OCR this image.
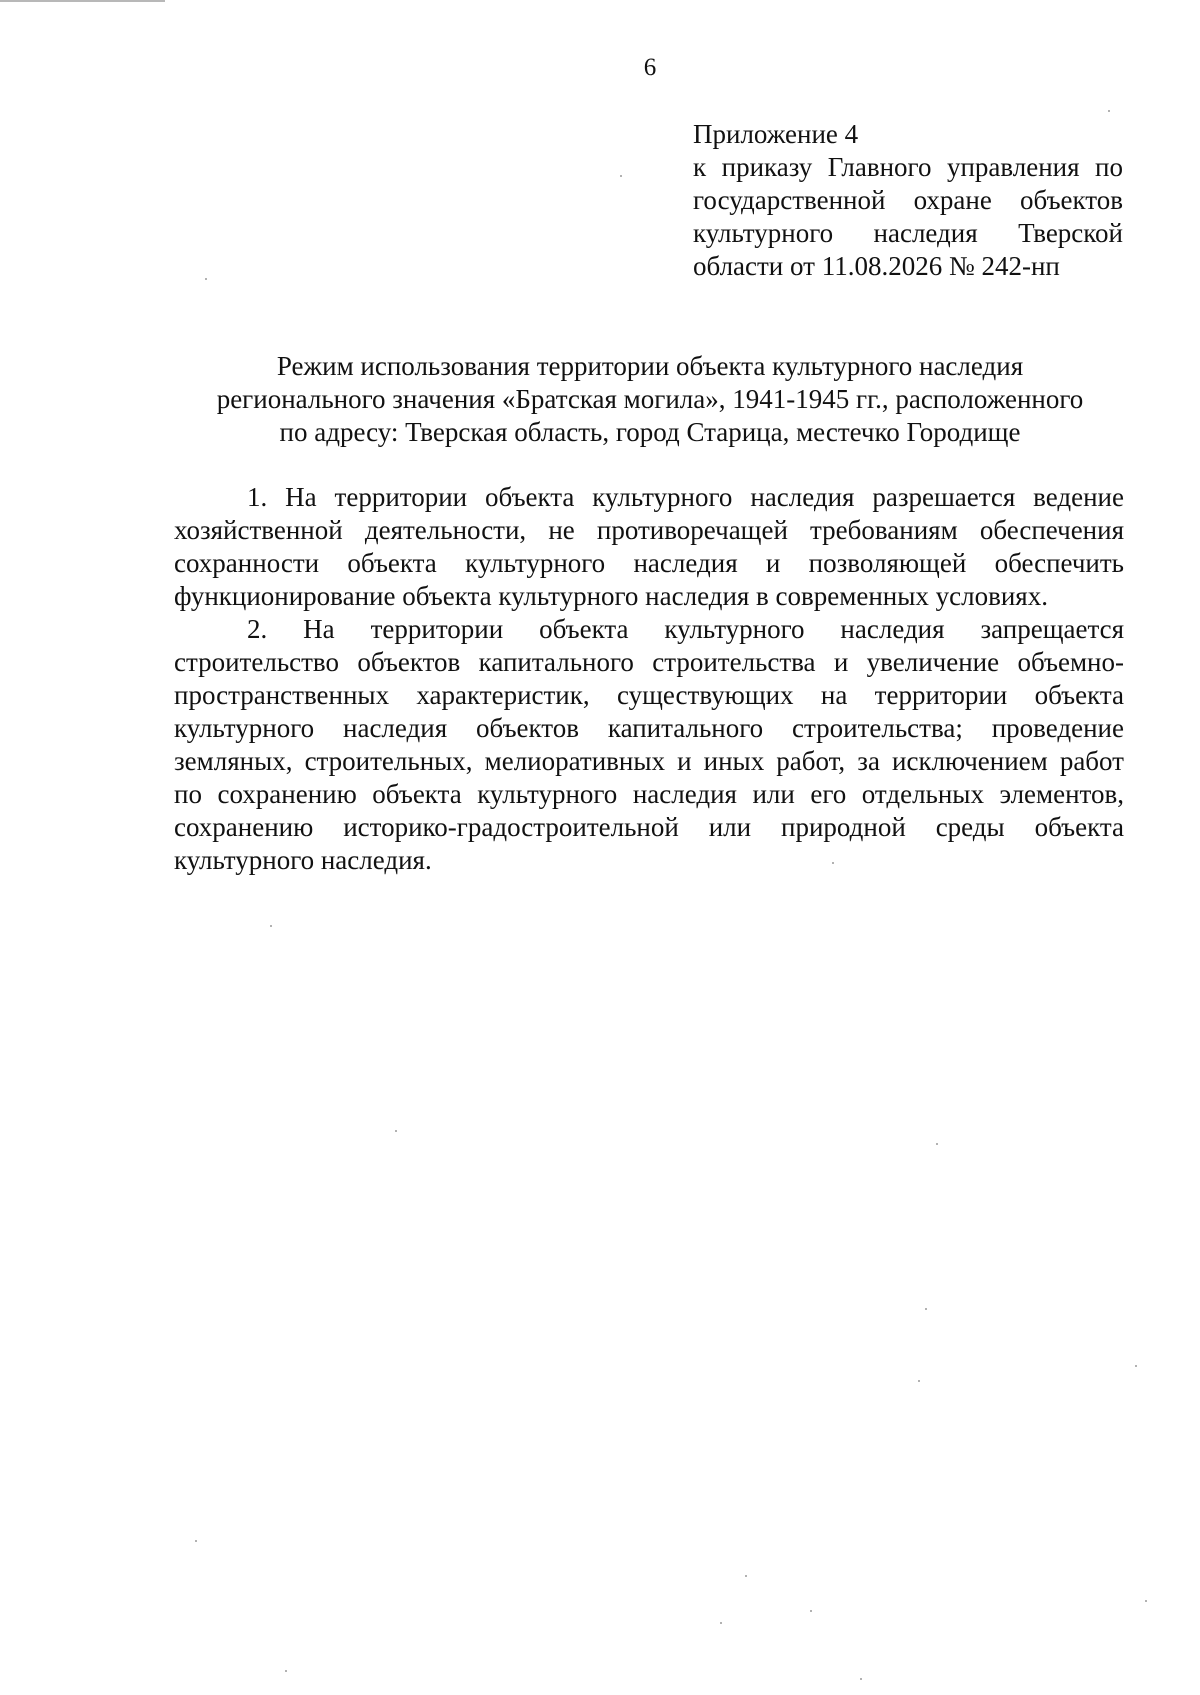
6
Приложение 4
к приказу Главного управления по
государственной охране объектов
культурного наследия Тверской
области от 11.08.2026 № 242-нп
Режим использования территории объекта культурного наследия
регионального значения «Братская могила», 1941-1945 гг., расположенного
по адресу: Тверская область, город Старица, местечко Городище
1. На территории объекта культурного наследия разрешается ведение
хозяйственной деятельности, не противоречащей требованиям обеспечения
сохранности объекта культурного наследия и позволяющей обеспечить
функционирование объекта культурного наследия в современных условиях.
2. На территории объекта культурного наследия запрещается
строительство объектов капитального строительства и увеличение объемно-
пространственных характеристик, существующих на территории объекта
культурного наследия объектов капитального строительства; проведение
земляных, строительных, мелиоративных и иных работ, за исключением работ
по сохранению объекта культурного наследия или его отдельных элементов,
сохранению историко-градостроительной или природной среды объекта
культурного наследия.
